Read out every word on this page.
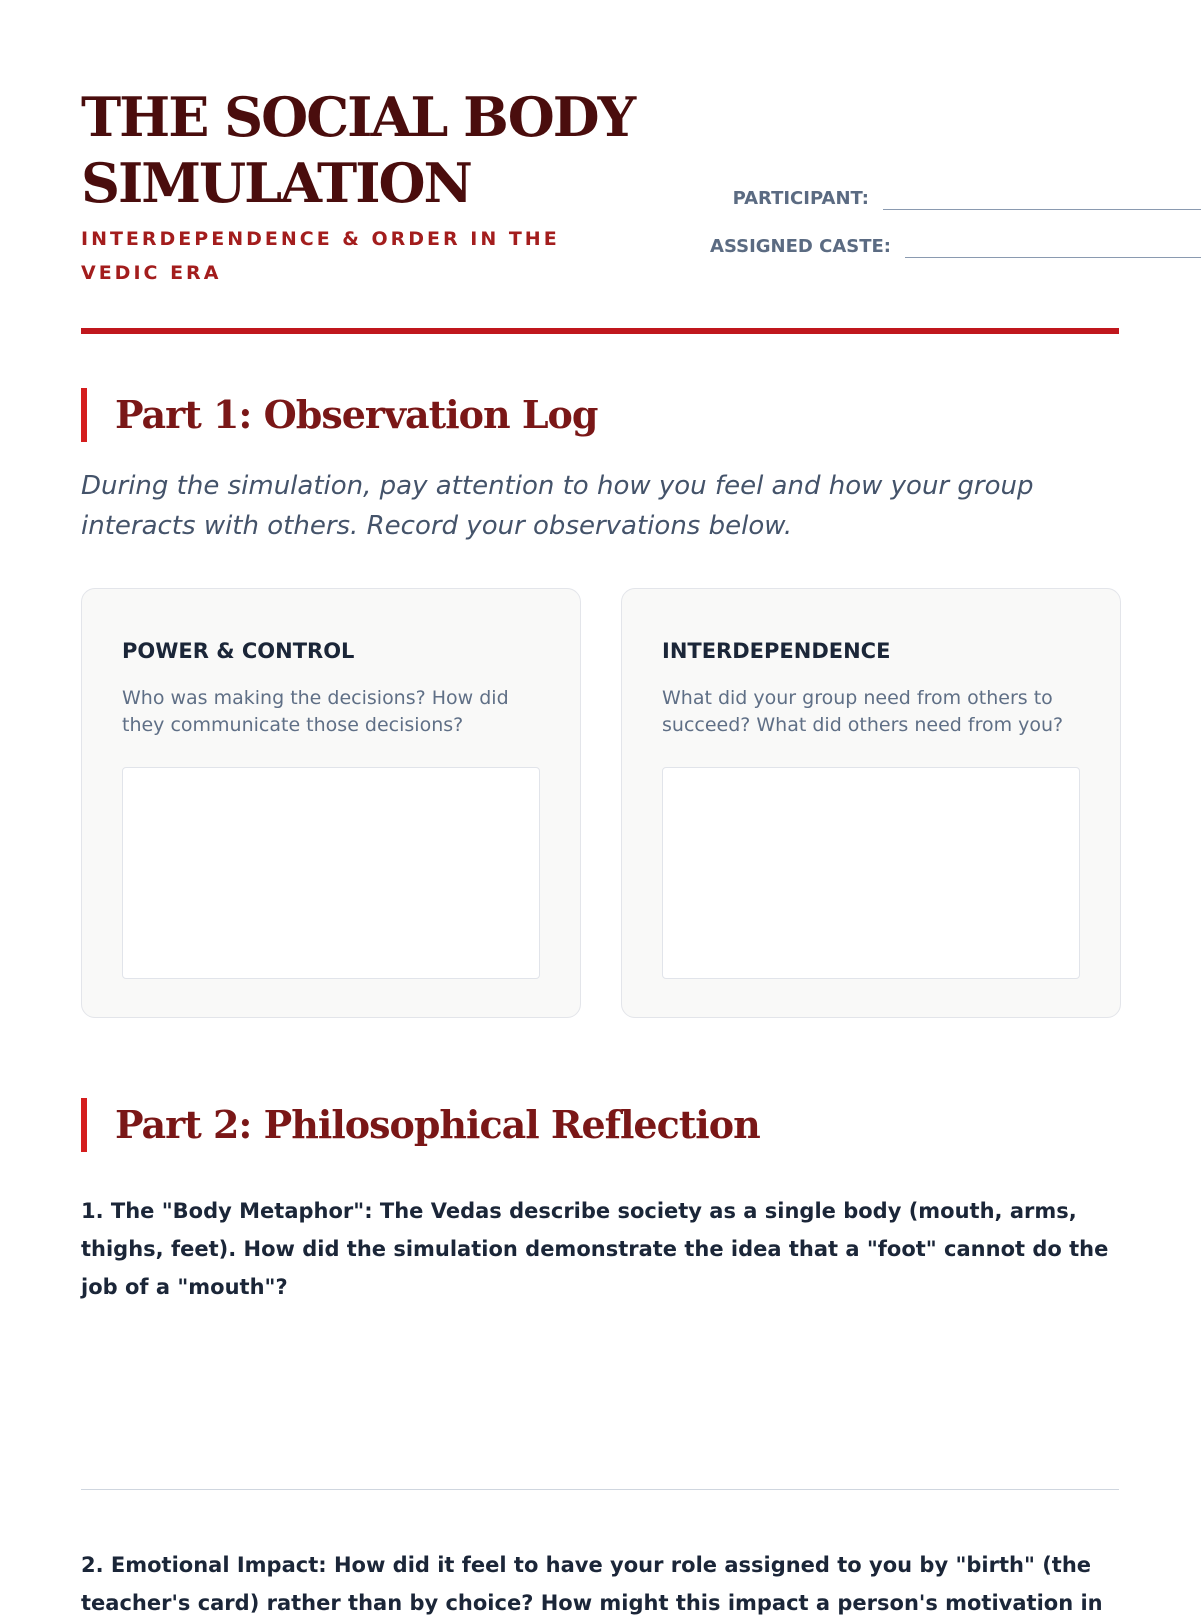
THE SOCIAL BODY SIMULATION
INTERDEPENDENCE & ORDER IN THE VEDIC ERA
PARTICIPANT:
ASSIGNED CASTE:
Part 1: Observation Log

During the simulation, pay attention to how you feel and how your group interacts with others. Record your observations below.

POWER & CONTROL
Who was making the decisions? How did they communicate those decisions?
INTERDEPENDENCE
What did your group need from others to succeed? What did others need from you?
Part 2: Philosophical Reflection
1. The "Body Metaphor": The Vedas describe society as a single body (mouth, arms, thighs, feet). How did the simulation demonstrate the idea that a "foot" cannot do the job of a "mouth"?
2. Emotional Impact: How did it feel to have your role assigned to you by "birth" (the teacher's card) rather than by choice? How might this impact a person's motivation in
